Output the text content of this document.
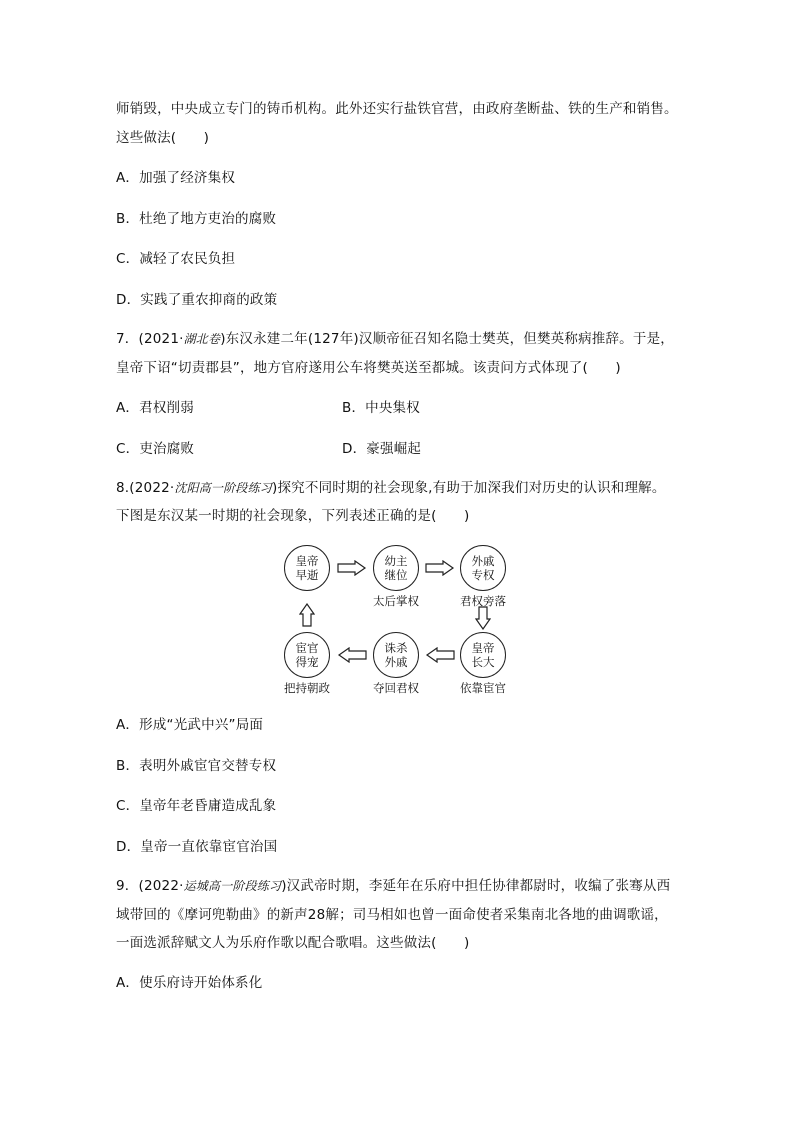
师销毁，中央成立专门的铸币机构。此外还实行盐铁官营，由政府垄断盐、铁的生产和销售。
这些做法(　　)
A．加强了经济集权
B．杜绝了地方吏治的腐败
C．减轻了农民负担
D．实践了重农抑商的政策
7．(2021·湖北卷)东汉永建二年(127年)汉顺帝征召知名隐士樊英，但樊英称病推辞。于是，
皇帝下诏“切责郡县”，地方官府遂用公车将樊英送至都城。该责问方式体现了(　　)
A．君权削弱	B．中央集权
C．吏治腐败	D．豪强崛起
8.(2022·沈阳高一阶段练习)探究不同时期的社会现象,有助于加深我们对历史的认识和理解。
下图是东汉某一时期的社会现象，下列表述正确的是(　　)
皇帝
早逝
幼主
继位
太后掌权
外戚
专权
君权旁落
宦官
得宠
把持朝政
诛杀
外戚
夺回君权
皇帝
长大
依靠宦官
A．形成“光武中兴”局面
B．表明外戚宦官交替专权
C．皇帝年老昏庸造成乱象
D．皇帝一直依靠宦官治国
9．(2022·运城高一阶段练习)汉武帝时期，李延年在乐府中担任协律都尉时，收编了张骞从西
域带回的《摩诃兜勒曲》的新声28解；司马相如也曾一面命使者采集南北各地的曲调歌谣，
一面选派辞赋文人为乐府作歌以配合歌唱。这些做法(　　)
A．使乐府诗开始体系化
